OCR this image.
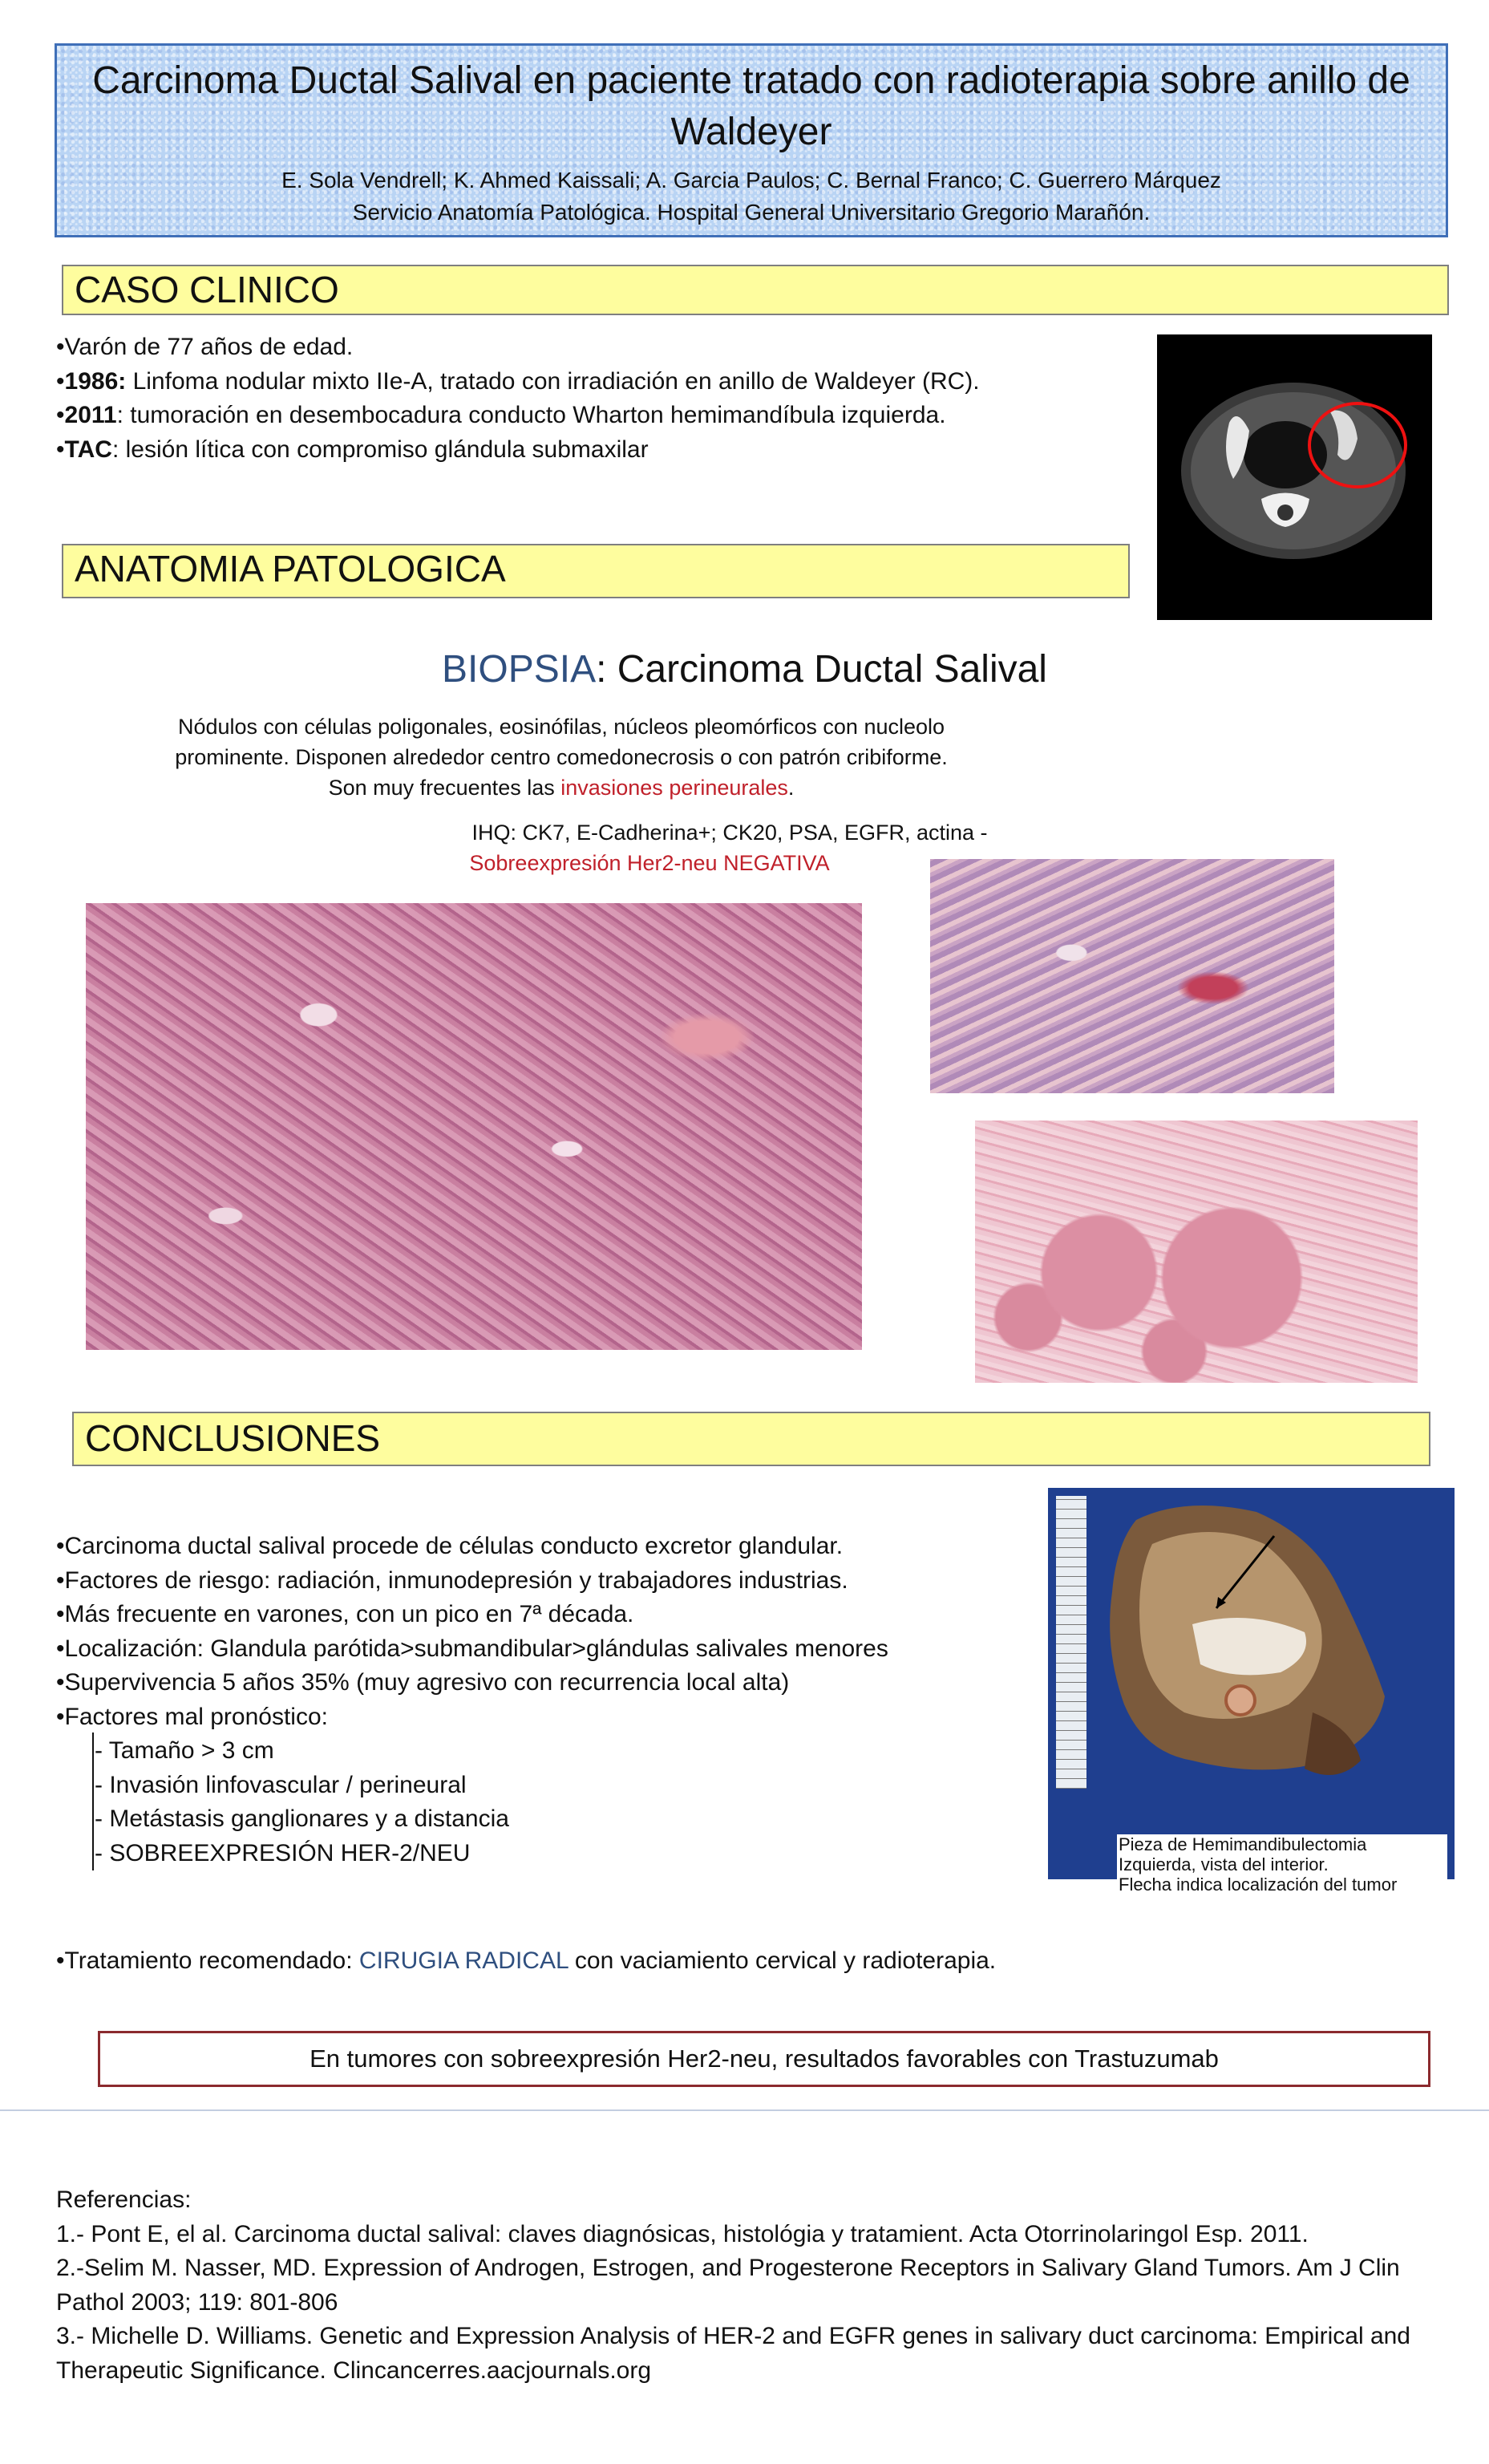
Carcinoma Ductal Salival en paciente tratado con radioterapia sobre anillo de Waldeyer
E. Sola Vendrell; K. Ahmed Kaissali; A. Garcia Paulos; C. Bernal Franco; C. Guerrero Márquez
Servicio Anatomía Patológica. Hospital General Universitario Gregorio Marañón.
CASO CLINICO
•Varón de 77 años de edad.
•1986: Linfoma nodular mixto IIe-A, tratado con irradiación en anillo de Waldeyer (RC).
•2011: tumoración en desembocadura conducto Wharton hemimandíbula izquierda.
•TAC: lesión lítica con compromiso glándula submaxilar
ANATOMIA PATOLOGICA
BIOPSIA: Carcinoma Ductal Salival
Nódulos con células poligonales, eosinófilas, núcleos pleomórficos con nucleolo
prominente. Disponen alrededor centro comedonecrosis o con patrón cribiforme.
Son muy frecuentes las invasiones perineurales.
IHQ: CK7, E-Cadherina+; CK20, PSA, EGFR, actina -
Sobreexpresión Her2-neu NEGATIVA
CONCLUSIONES
•Carcinoma ductal salival procede de células conducto excretor glandular.
•Factores de riesgo: radiación, inmunodepresión y trabajadores industrias.
•Más frecuente en varones, con un pico en 7ª década.
•Localización: Glandula parótida>submandibular>glándulas salivales menores
•Supervivencia 5 años 35% (muy agresivo con recurrencia local alta)
•Factores mal pronóstico:
- Tamaño > 3 cm
- Invasión linfovascular / perineural
- Metástasis ganglionares y a distancia
- SOBREEXPRESIÓN HER-2/NEU	Pieza de Hemimandibulectomia
Izquierda, vista del interior.
Flecha indica localización del tumor
•Tratamiento recomendado: CIRUGIA RADICAL con vaciamiento cervical y radioterapia.
En tumores con sobreexpresión Her2-neu, resultados favorables con Trastuzumab
Referencias:
1.- Pont E, el al. Carcinoma ductal salival: claves diagnósicas, histológia y tratamient. Acta Otorrinolaringol Esp. 2011.
2.-Selim M. Nasser, MD. Expression of Androgen, Estrogen, and Progesterone Receptors in Salivary Gland Tumors. Am J Clin Pathol 2003; 119: 801-806
3.- Michelle D. Williams. Genetic and Expression Analysis of HER-2 and EGFR genes in salivary duct carcinoma: Empirical and Therapeutic Significance. Clincancerres.aacjournals.org
